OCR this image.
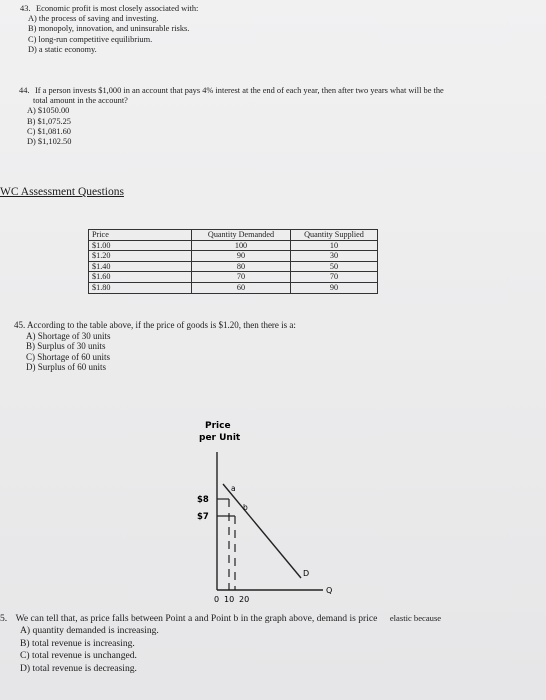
43. Economic profit is most closely associated with:
A) the process of saving and investing.
B) monopoly, innovation, and uninsurable risks.
C) long-run competitive equilibrium.
D) a static economy.
44. If a person invests $1,000 in an account that pays 4% interest at the end of each year, then after two years what will be the
total amount in the account?
A) $1050.00
B) $1,075.25
C) $1,081.60
D) $1,102.50
WC Assessment Questions
Price	Quantity Demanded	Quantity Supplied
$1.00	100	10
$1.20	90	30
$1.40	80	50
$1.60	70	70
$1.80	60	90
45. According to the table above, if the price of goods is $1.20, then there is a:
A) Shortage of 30 units
B) Surplus of 30 units
C) Shortage of 60 units
D) Surplus of 60 units
Price
per Unit
Q
$8
$7
a
b
D
0 10 20
5. We can tell that, as price falls between Point a and Point b in the graph above, demand is price elastic because
A) quantity demanded is increasing.
B) total revenue is increasing.
C) total revenue is unchanged.
D) total revenue is decreasing.
